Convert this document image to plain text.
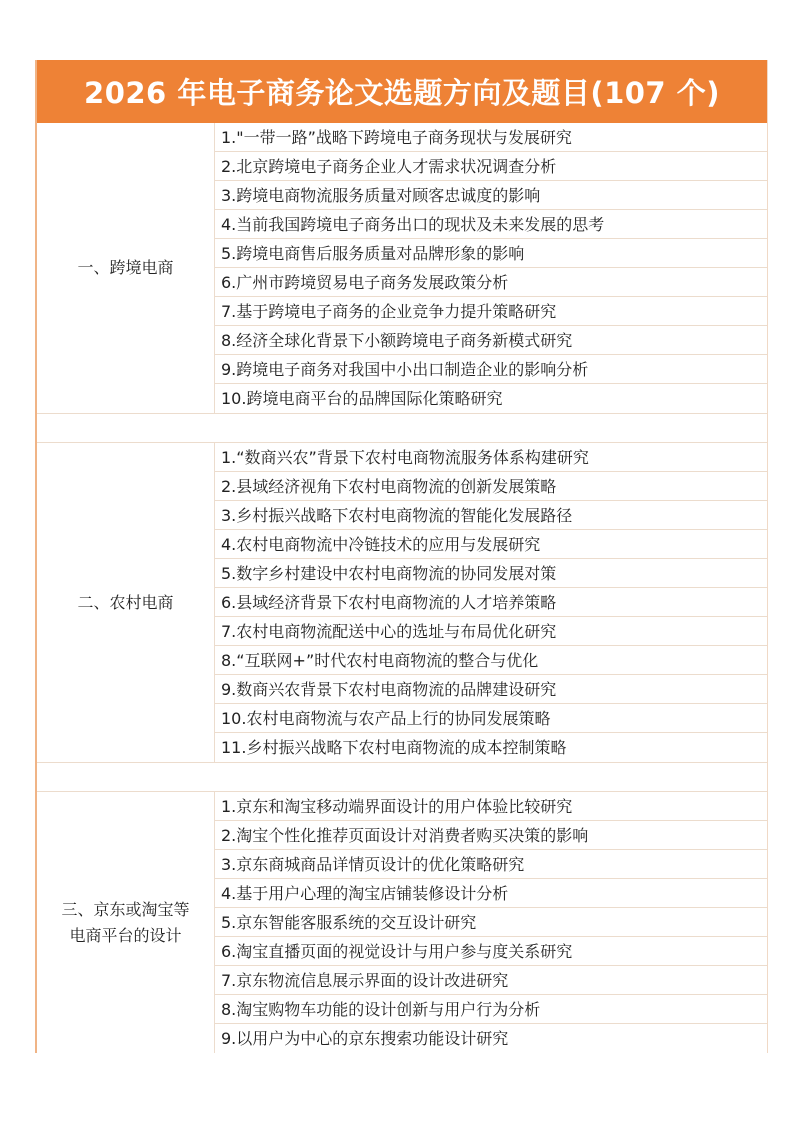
2026 年电子商务论文选题方向及题目(107 个)
一、跨境电商
1."一带一路”战略下跨境电子商务现状与发展研究
2.北京跨境电子商务企业人才需求状况调查分析
3.跨境电商物流服务质量对顾客忠诚度的影响
4.当前我国跨境电子商务出口的现状及未来发展的思考
5.跨境电商售后服务质量对品牌形象的影响
6.广州市跨境贸易电子商务发展政策分析
7.基于跨境电子商务的企业竞争力提升策略研究
8.经济全球化背景下小额跨境电子商务新模式研究
9.跨境电子商务对我国中小出口制造企业的影响分析
10.跨境电商平台的品牌国际化策略研究
二、农村电商
1.“数商兴农”背景下农村电商物流服务体系构建研究
2.县域经济视角下农村电商物流的创新发展策略
3.乡村振兴战略下农村电商物流的智能化发展路径
4.农村电商物流中冷链技术的应用与发展研究
5.数字乡村建设中农村电商物流的协同发展对策
6.县域经济背景下农村电商物流的人才培养策略
7.农村电商物流配送中心的选址与布局优化研究
8.“互联网+”时代农村电商物流的整合与优化
9.数商兴农背景下农村电商物流的品牌建设研究
10.农村电商物流与农产品上行的协同发展策略
11.乡村振兴战略下农村电商物流的成本控制策略
三、京东或淘宝等
电商平台的设计
1.京东和淘宝移动端界面设计的用户体验比较研究
2.淘宝个性化推荐页面设计对消费者购买决策的影响
3.京东商城商品详情页设计的优化策略研究
4.基于用户心理的淘宝店铺装修设计分析
5.京东智能客服系统的交互设计研究
6.淘宝直播页面的视觉设计与用户参与度关系研究
7.京东物流信息展示界面的设计改进研究
8.淘宝购物车功能的设计创新与用户行为分析
9.以用户为中心的京东搜索功能设计研究
